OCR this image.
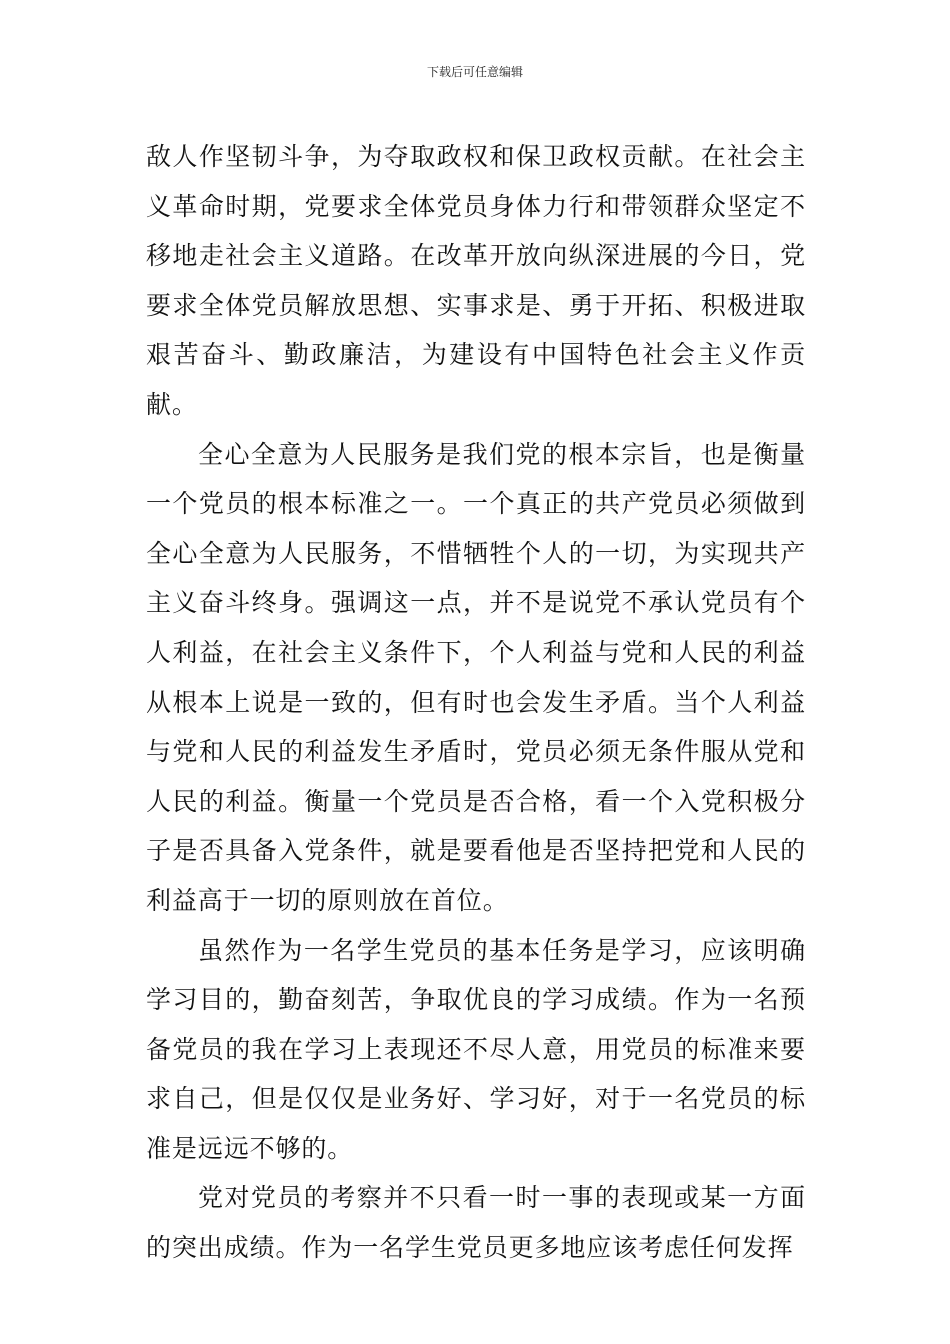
下载后可任意编辑

敌人作坚韧斗争，为夺取政权和保卫政权贡献。在社会主义革命时期，党要求全体党员身体力行和带领群众坚定不移地走社会主义道路。在改革开放向纵深进展的今日，党要求全体党员解放思想、实事求是、勇于开拓、积极进取艰苦奋斗、勤政廉洁，为建设有中国特色社会主义作贡献。

全心全意为人民服务是我们党的根本宗旨，也是衡量一个党员的根本标准之一。一个真正的共产党员必须做到全心全意为人民服务，不惜牺牲个人的一切，为实现共产主义奋斗终身。强调这一点，并不是说党不承认党员有个人利益，在社会主义条件下，个人利益与党和人民的利益从根本上说是一致的，但有时也会发生矛盾。当个人利益与党和人民的利益发生矛盾时，党员必须无条件服从党和人民的利益。衡量一个党员是否合格，看一个入党积极分子是否具备入党条件，就是要看他是否坚持把党和人民的利益高于一切的原则放在首位。

虽然作为一名学生党员的基本任务是学习，应该明确学习目的，勤奋刻苦，争取优良的学习成绩。作为一名预备党员的我在学习上表现还不尽人意，用党员的标准来要求自己，但是仅仅是业务好、学习好，对于一名党员的标准是远远不够的。

党对党员的考察并不只看一时一事的表现或某一方面的突出成绩。作为一名学生党员更多地应该考虑任何发挥
